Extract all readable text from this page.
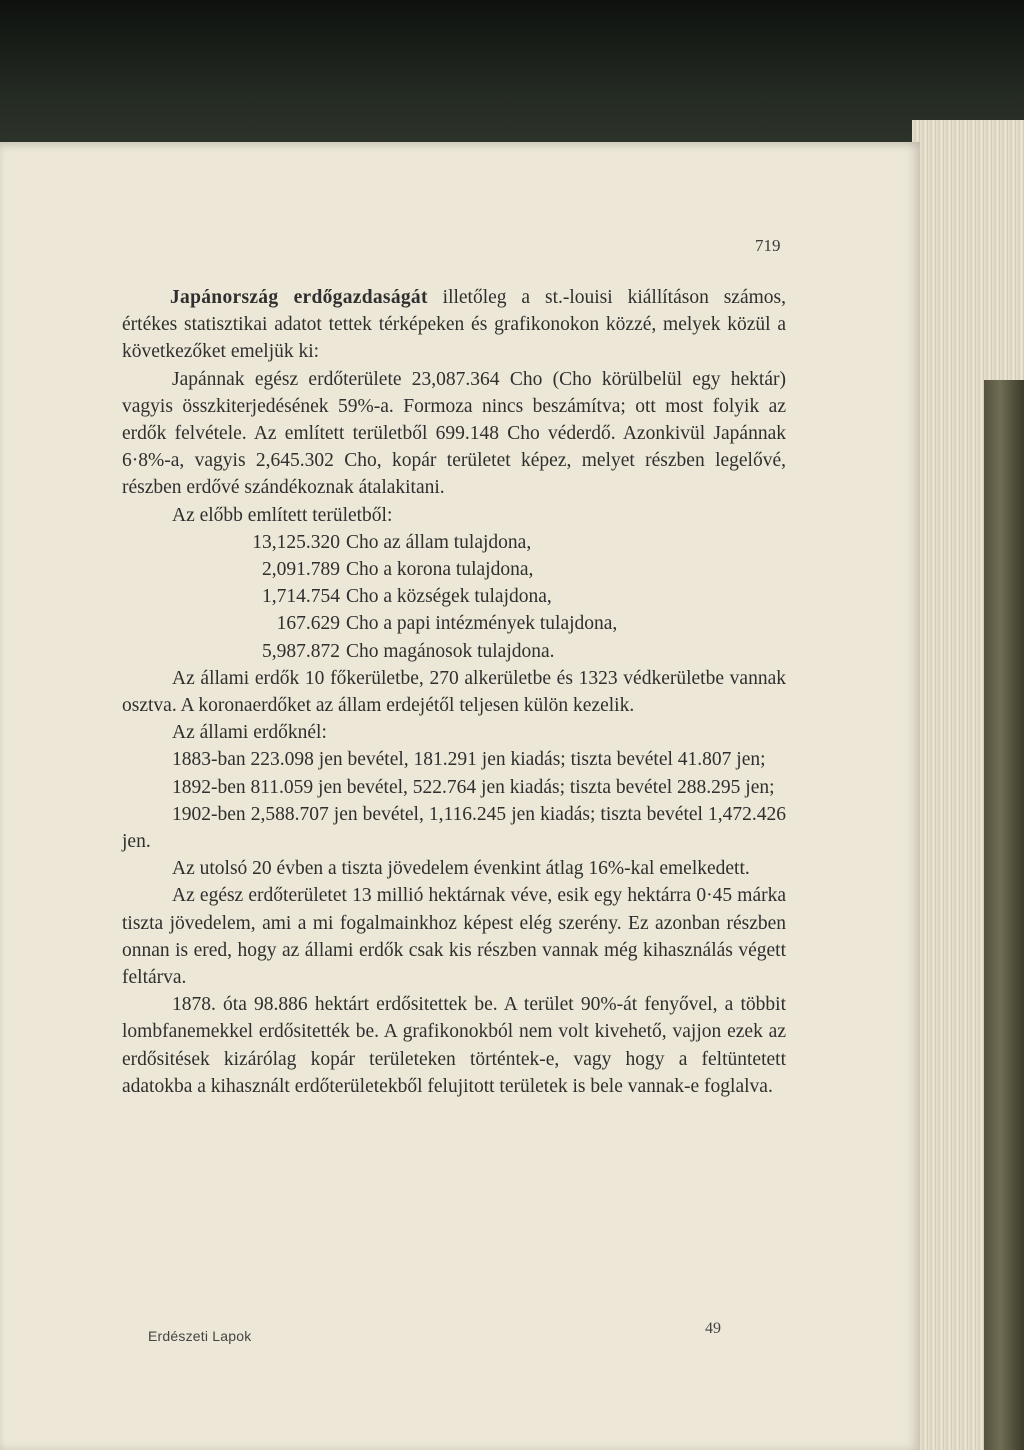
719

Japánország erdőgazdaságát illetőleg a st.-louisi kiállításon számos, értékes statisztikai adatot tettek térképeken és grafikonokon közzé, melyek közül a következőket emeljük ki:

Japánnak egész erdőterülete 23,087.364 Cho (Cho körülbelül egy hektár) vagyis összkiterjedésének 59%-a. Formoza nincs beszámítva; ott most folyik az erdők felvétele. Az említett területből 699.148 Cho véderdő. Azonkivül Japánnak 6·8%-a, vagyis 2,645.302 Cho, kopár területet képez, melyet részben legelővé, részben erdővé szándékoznak átalakitani.

Az előbb említett területből:

13,125.320 Cho az állam tulajdona,
2,091.789 Cho a korona tulajdona,
1,714.754 Cho a községek tulajdona,
167.629 Cho a papi intézmények tulajdona,
5,987.872 Cho magánosok tulajdona.

Az állami erdők 10 főkerületbe, 270 alkerületbe és 1323 védkerületbe vannak osztva. A koronaerdőket az állam erdejétől teljesen külön kezelik.

Az állami erdőknél:

1883-ban 223.098 jen bevétel, 181.291 jen kiadás; tiszta bevétel 41.807 jen;

1892-ben 811.059 jen bevétel, 522.764 jen kiadás; tiszta bevétel 288.295 jen;

1902-ben 2,588.707 jen bevétel, 1,116.245 jen kiadás; tiszta bevétel 1,472.426 jen.

Az utolsó 20 évben a tiszta jövedelem évenkint átlag 16%-kal emelkedett.

Az egész erdőterületet 13 millió hektárnak véve, esik egy hektárra 0·45 márka tiszta jövedelem, ami a mi fogalmainkhoz képest elég szerény. Ez azonban részben onnan is ered, hogy az állami erdők csak kis részben vannak még kihasználás végett feltárva.

1878. óta 98.886 hektárt erdősitettek be. A terület 90%-át fenyővel, a többit lombfanemekkel erdősitették be. A grafikonokból nem volt kivehető, vajjon ezek az erdősitések kizárólag kopár területeken történtek-e, vagy hogy a feltüntetett adatokba a kihasznált erdőterületekből felujitott területek is bele vannak-e foglalva.

Erdészeti Lapok	49
